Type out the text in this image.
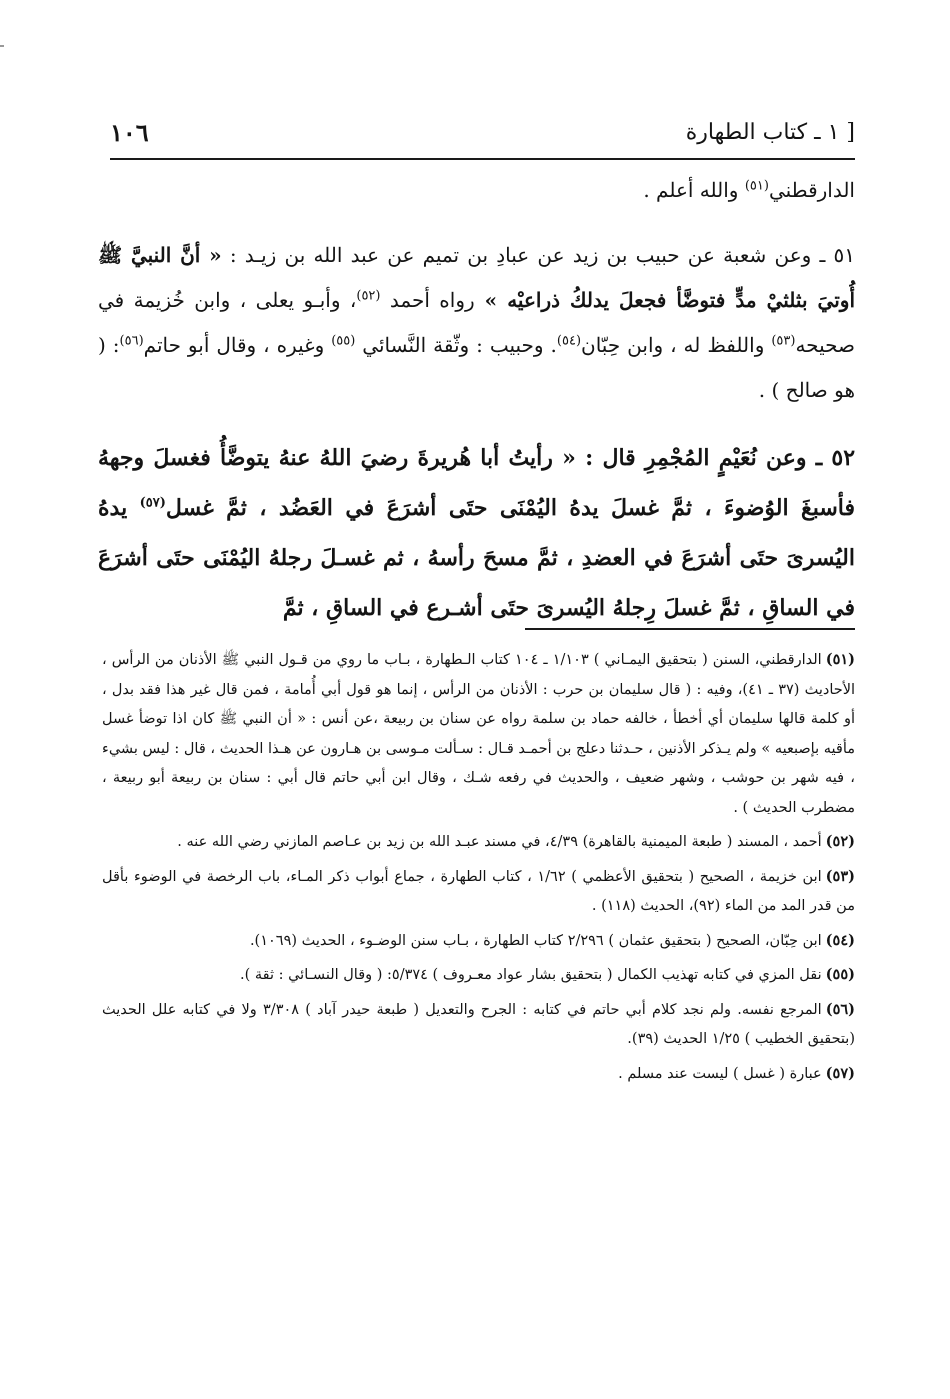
[ ١ ـ كتاب الطهارة
١٠٦

الدارقطني$^{(٥١)}$ والله أعلم .

٥١ ـ وعن شعبة عن حبيب بن زيد عن عبادِ بن تميم عن عبد الله بن زيـد : « أنَّ النبيَّ ﷺ أُوتيَ بثلثيْ مدٍّ فتوضَّأ فجعلَ يدلكُ ذراعيْه » رواه أحمد $^{(٥٢)}$، وأبـو يعلى ، وابن خُزيمة في صحيحه$^{(٥٣)}$ واللفظ له ، وابن حِبّان$^{(٥٤)}$. وحبيب : وثّقة النَّسائي $^{(٥٥)}$ وغيره ، وقال أبو حاتم$^{(٥٦)}$: ( هو صالح ) .

٥٢ ـ وعن نُعَيْمٍ المُجْمِرِ قال : « رأيتُ أبا هُريرةَ رضيَ اللهُ عنهُ يتوضَّأُ فغسلَ وجههُ فأسبغَ الوُضوءَ ، ثمَّ غسلَ يدهُ اليُمْنَى حتَى أشرَعَ في العَضُد ، ثمَّ غسل$^{(٥٧)}$ يدهُ اليُسرىَ حتَى أشرَعَ في العضدِ ، ثمَّ مسحَ رأسهُ ، ثم غسـلَ رجلهُ اليُمْنَى حتَى أشرَعَ في الساقِ ، ثمَّ غسلَ رِجلهُ اليُسرىَ حتَى أشـرع في الساقِ ، ثمَّ

(٥١)الدارقطني، السنن ( بتحقيق اليمـاني ) ١/١٠٣ ـ ١٠٤ كتاب الـطهارة ، بـاب ما روي من قـول النبي ﷺ الأذنان من الرأس ، الأحاديث (٣٧ ـ ٤١)، وفيه : ( قال سليمان بن حرب : الأذنان من الرأس ، إنما هو قول أبي أُمامة ، فمن قال غير هذا فقد بدل ، أو كلمة قالها سليمان أي أخطأ ، خالفه حماد بن سلمة رواه عن سنان بن ربيعة ،عن أنس : « أن النبي ﷺ كان اذا توضأ غسل مأقيه بإصبعيه » ولم يـذكر الأذنين ، حـدثنا دعلج بن أحمـد قـال : سـألت مـوسى بن هـارون عن هـذا الحديث ، قال : ليس بشيء ، فيه شهر بن حوشب ، وشهر ضعيف ، والحديث في رفعه شـك ، وقال ابن أبي حاتم قال أبي : سنان بن ربيعة أبو ربيعة ، مضطرب الحديث ) .

(٥٢)أحمد ، المسند ( طبعة الميمنية بالقاهرة) ٤/٣٩، في مسند عبـد الله بن زيد بن عـاصم المازني رضي الله عنه .

(٥٣)ابن خزيمة ، الصحيح ( بتحقيق الأعظمي ) ١/٦٢ ، كتاب الطهارة ، جماع أبواب ذكر المـاء، باب الرخصة في الوضوء بأقل من قدر المد من الماء (٩٢)، الحديث (١١٨) .

(٥٤)ابن حِبّان، الصحيح ( بتحقيق عثمان ) ٢/٢٩٦ كتاب الطهارة ، بـاب سنن الوضـوء ، الحديث (١٠٦٩).

(٥٥)نقل المزي في كتابه تهذيب الكمال ( بتحقيق بشار عواد معـروف ) ٥/٣٧٤: ( وقال النسـائي : ثقة ).

(٥٦)المرجع نفسه. ولم نجد كلام أبي حاتم في كتابه : الجرح والتعديل ( طبعة حيدر آباد ) ٣/٣٠٨ ولا في كتابه علل الحديث (بتحقيق الخطيب ) ١/٢٥ الحديث (٣٩).

(٥٧)عبارة ( غسل ) ليست عند مسلم .
